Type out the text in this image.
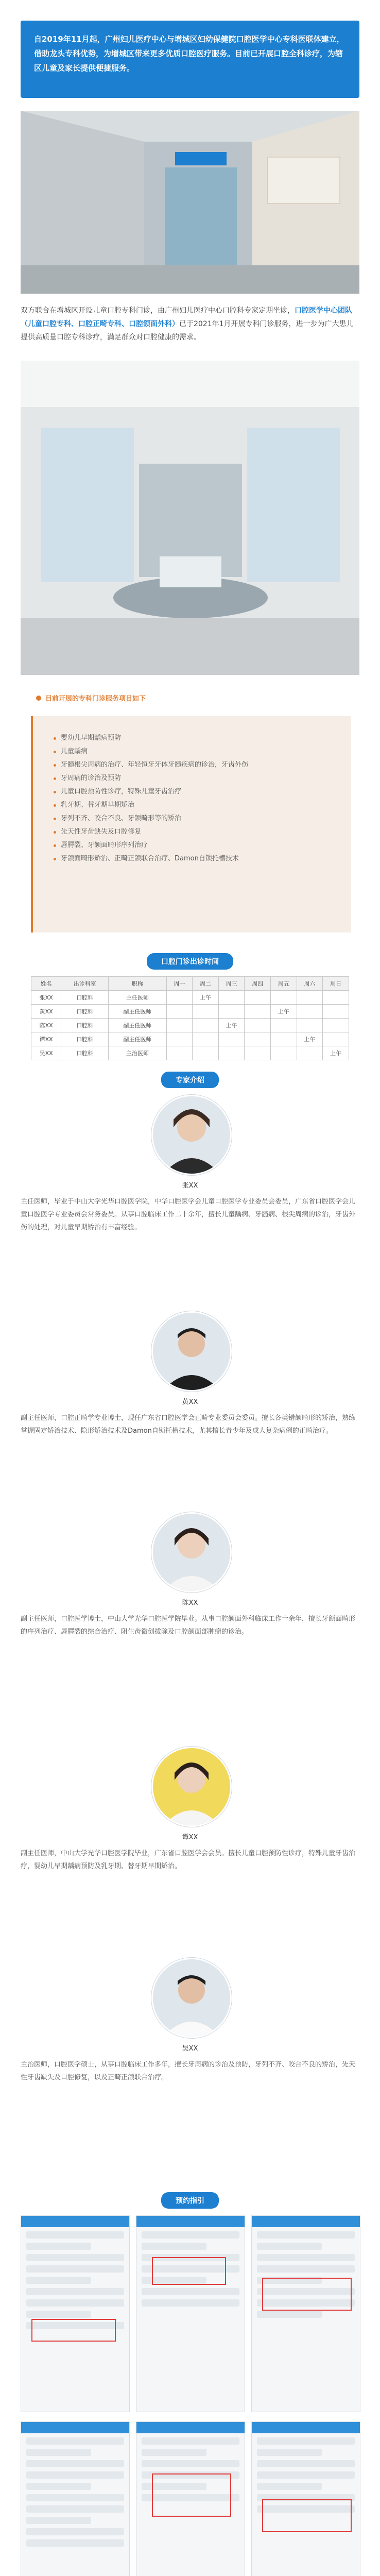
自2019年11月起，广州妇儿医疗中心与增城区妇幼保健院口腔医学中心专科医联体建立，借助龙头专科优势，为增城区带来更多优质口腔医疗服务。目前已开展口腔全科诊疗，为辖区儿童及家长提供便捷服务。

双方联合在增城区开设儿童口腔专科门诊，由广州妇儿医疗中心口腔科专家定期坐诊，口腔医学中心团队（儿童口腔专科、口腔正畸专科、口腔颌面外科）已于2021年1月开展专科门诊服务，进一步为广大患儿提供高质量口腔专科诊疗，满足群众对口腔健康的需求。

目前开展的专科门诊服务项目如下
婴幼儿早期龋病预防
儿童龋病
牙髓根尖周病的治疗、年轻恒牙牙体牙髓疾病的诊治，牙齿外伤
牙周病的诊治及预防
儿童口腔预防性诊疗，特殊儿童牙齿治疗
乳牙期、替牙期早期矫治
牙列不齐、咬合不良、牙颌畸形等的矫治
先天性牙齿缺失及口腔修复
唇腭裂、牙颌面畸形序列治疗
牙颌面畸形矫治、正畸正颌联合治疗、Damon自锁托槽技术
口腔门诊出诊时间
姓名	出诊科室	职称	周一	周二	周三	周四	周五	周六	周日
张XX	口腔科	主任医师		上午					
黄XX	口腔科	副主任医师					上午		
陈XX	口腔科	副主任医师			上午				
谭XX	口腔科	副主任医师						上午	
吴XX	口腔科	主治医师							上午
专家介绍
张XX

主任医师，毕业于中山大学光华口腔医学院，中华口腔医学会儿童口腔医学专业委员会委员，广东省口腔医学会儿童口腔医学专业委员会常务委员。从事口腔临床工作二十余年，擅长儿童龋病、牙髓病、根尖周病的诊治，牙齿外伤的处理，对儿童早期矫治有丰富经验。

黄XX

副主任医师，口腔正畸学专业博士，现任广东省口腔医学会正畸专业委员会委员。擅长各类错颌畸形的矫治，熟练掌握固定矫治技术、隐形矫治技术及Damon自锁托槽技术，尤其擅长青少年及成人复杂病例的正畸治疗。

陈XX

副主任医师，口腔医学博士，中山大学光华口腔医学院毕业。从事口腔颌面外科临床工作十余年，擅长牙颌面畸形的序列治疗、唇腭裂的综合治疗、阻生齿微创拔除及口腔颌面部肿瘤的诊治。

谭XX

副主任医师，中山大学光华口腔医学院毕业，广东省口腔医学会会员。擅长儿童口腔预防性诊疗，特殊儿童牙齿治疗，婴幼儿早期龋病预防及乳牙期、替牙期早期矫治。

吴XX

主治医师，口腔医学硕士，从事口腔临床工作多年，擅长牙周病的诊治及预防，牙列不齐、咬合不良的矫治，先天性牙齿缺失及口腔修复，以及正畸正颌联合治疗。

预约指引
